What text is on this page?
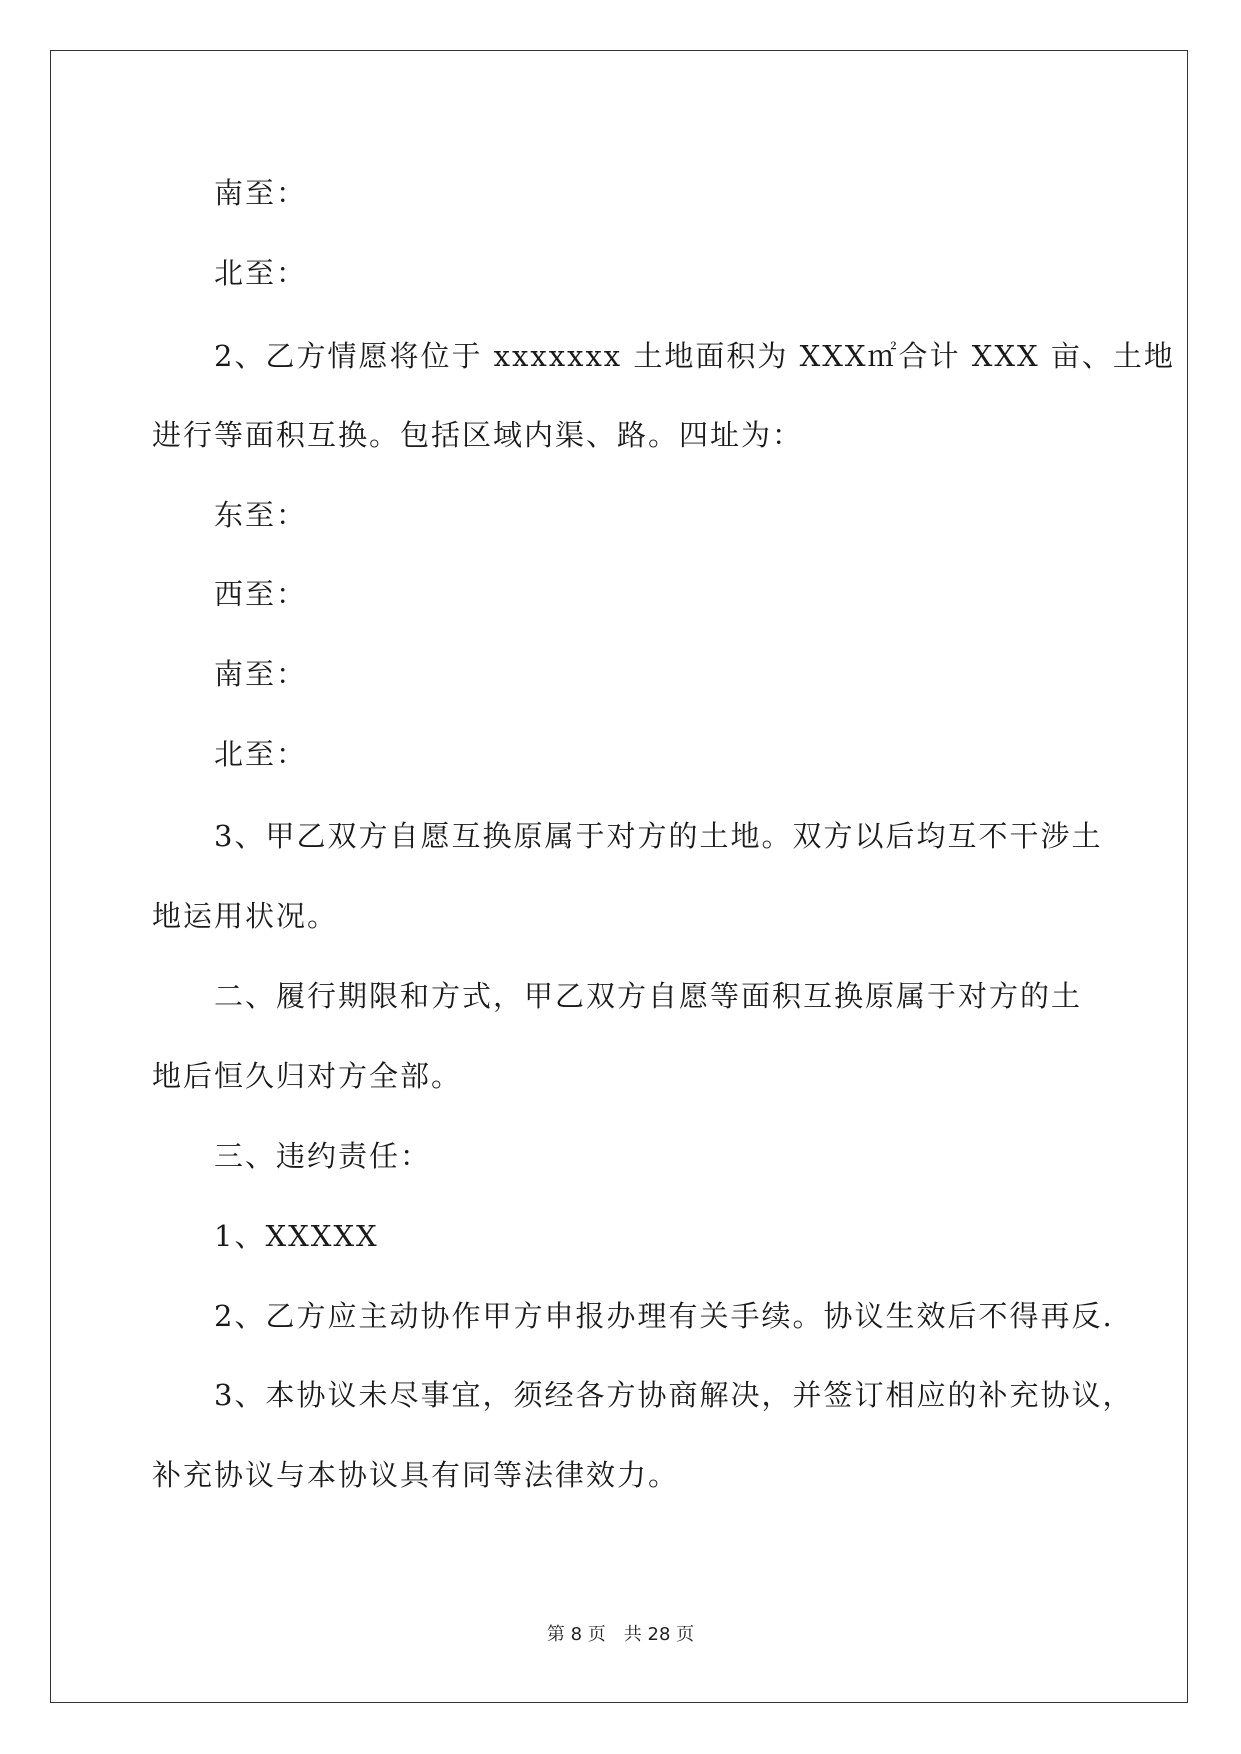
南至：
北至：
2、乙方情愿将位于 xxxxxxx 土地面积为 XXX㎡合计 XXX 亩、土地
进行等面积互换。包括区域内渠、路。四址为：
东至：
西至：
南至：
北至：
3、甲乙双方自愿互换原属于对方的土地。双方以后均互不干涉土
地运用状况。
二、履行期限和方式，甲乙双方自愿等面积互换原属于对方的土
地后恒久归对方全部。
三、违约责任：
1、XXXXX
2、乙方应主动协作甲方申报办理有关手续。协议生效后不得再反.
3、本协议未尽事宜，须经各方协商解决，并签订相应的补充协议，
补充协议与本协议具有同等法律效力。
第 8 页　共 28 页
